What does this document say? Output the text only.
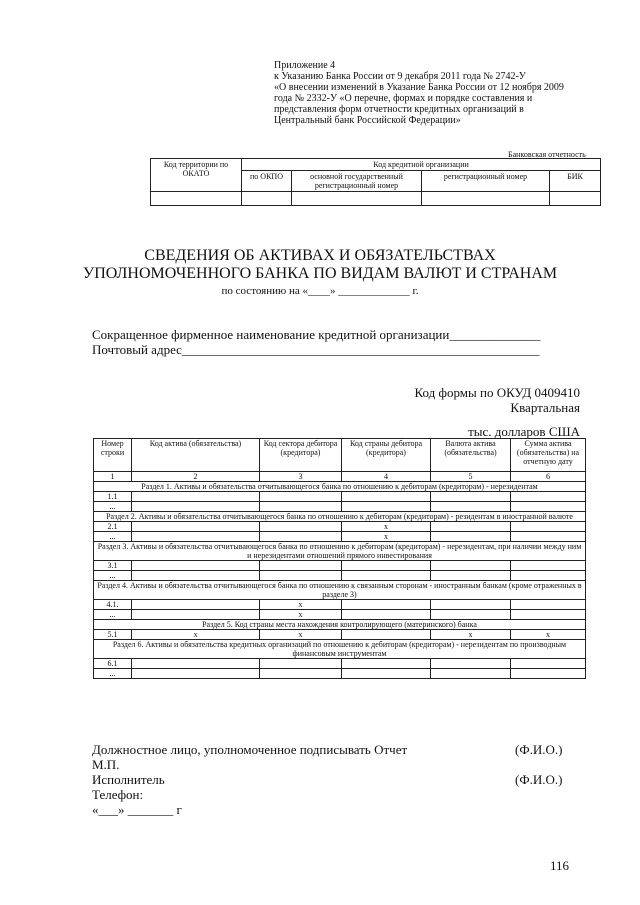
Приложение 4
к Указанию Банка России от 9 декабря 2011 года № 2742-У
«О внесении изменений в Указание Банка России от 12 ноября 2009
года № 2332-У «О перечне, формах и порядке составления и
представления форм отчетности кредитных организаций в
Центральный банк Российской Федерации»
Банковская отчетность
Код территории по ОКАТО	Код кредитной организации			
	по ОКПО	основной государственный регистрационный номер	регистрационный номер	БИК

СВЕДЕНИЯ ОБ АКТИВАХ И ОБЯЗАТЕЛЬСТВАХ
УПОЛНОМОЧЕННОГО БАНКА ПО ВИДАМ ВАЛЮТ И СТРАНАМ
по состоянию на «____» _____________ г.
Сокращенное фирменное наименование кредитной организации______________
Почтовый адрес_______________________________________________________
Код формы по ОКУД 0409410
Квартальная
тыс. долларов США
Номер строки	Код актива (обязательства)	Код сектора дебитора (кредитора)	Код страны дебитора (кредитора)	Валюта актива (обязательства)	Сумма актива (обязательства) на отчетную дату
1	2	3	4	5	6
Раздел 1. Активы и обязательства отчитывающегося банка по отношению к дебиторам (кредиторам) - нерезидентам					
1.1					
...					
Раздел 2. Активы и обязательства отчитывающегося банка по отношению к дебиторам (кредиторам) - резидентам в иностранной валюте					
2.1			x		
...			x		
Раздел 3. Активы и обязательства отчитывающегося банка по отношению к дебиторам (кредиторам) - нерезидентам, при наличии между ним и нерезидентами отношений прямого инвестирования					
3.1					
...					
Раздел 4. Активы и обязательства отчитывающегося банка по отношению к связанным сторонам - иностранным банкам (кроме отраженных в разделе 3)					
4.1.		x			
...		x			
Раздел 5. Код страны места нахождения контролирующего (материнского) банка					
5.1	x	x		x	x
Раздел 6. Активы и обязательства кредитных организаций по отношению к дебиторам (кредиторам) - нерезидентам по производным финансовым инструментам					
6.1					
...					
Должностное лицо, уполномоченное подписывать Отчет
М.П.
Исполнитель
Телефон:
«___» _______ г
(Ф.И.О.)
(Ф.И.О.)
116
